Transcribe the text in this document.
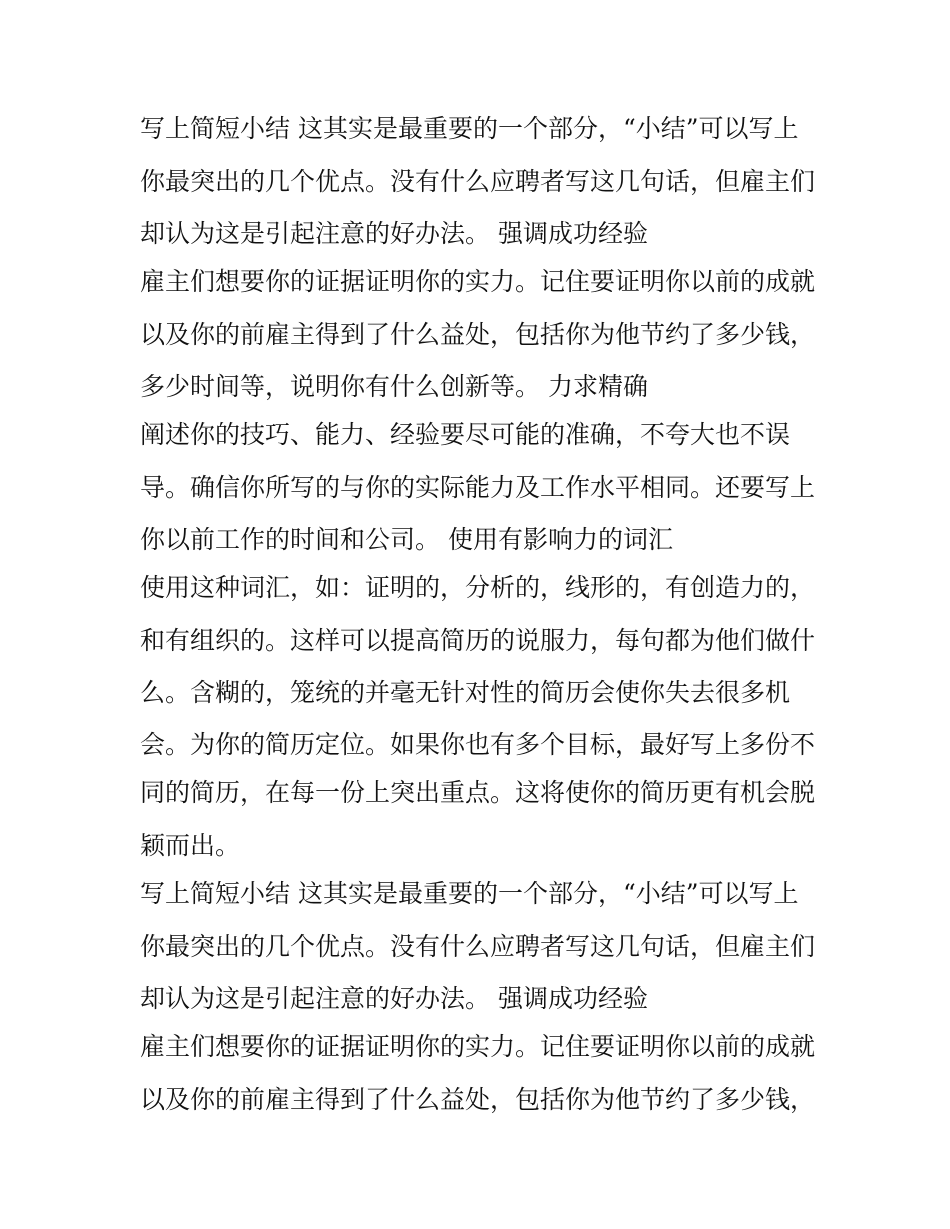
写上简短小结 这其实是最重要的一个部分，“小结”可以写上
你最突出的几个优点。没有什么应聘者写这几句话，但雇主们
却认为这是引起注意的好办法。 强调成功经验
雇主们想要你的证据证明你的实力。记住要证明你以前的成就
以及你的前雇主得到了什么益处，包括你为他节约了多少钱，
多少时间等，说明你有什么创新等。 力求精确
阐述你的技巧、能力、经验要尽可能的准确，不夸大也不误
导。确信你所写的与你的实际能力及工作水平相同。还要写上
你以前工作的时间和公司。 使用有影响力的词汇
使用这种词汇，如：证明的，分析的，线形的，有创造力的，
和有组织的。这样可以提高简历的说服力，每句都为他们做什
么。含糊的，笼统的并毫无针对性的简历会使你失去很多机
会。为你的简历定位。如果你也有多个目标，最好写上多份不
同的简历，在每一份上突出重点。这将使你的简历更有机会脱
颖而出。
写上简短小结 这其实是最重要的一个部分，“小结”可以写上
你最突出的几个优点。没有什么应聘者写这几句话，但雇主们
却认为这是引起注意的好办法。 强调成功经验
雇主们想要你的证据证明你的实力。记住要证明你以前的成就
以及你的前雇主得到了什么益处，包括你为他节约了多少钱，
